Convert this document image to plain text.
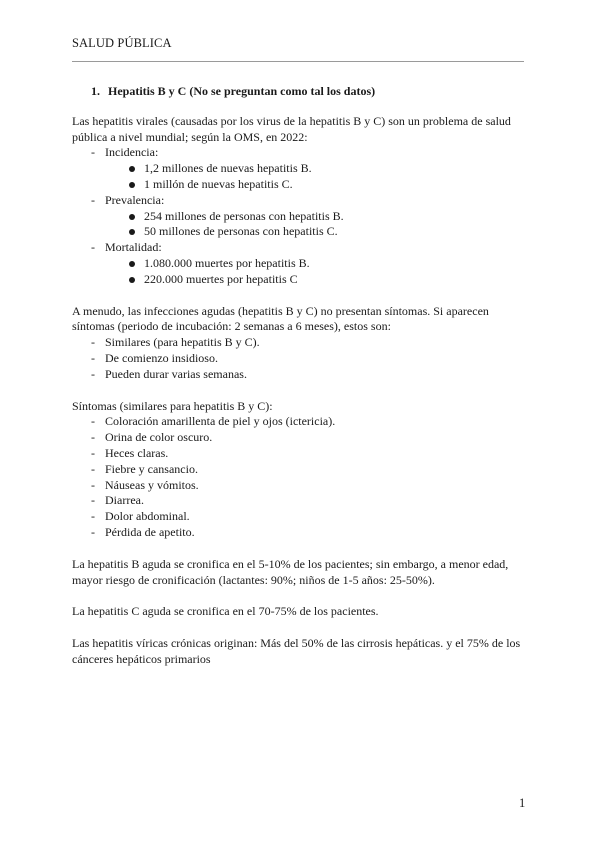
SALUD PÚBLICA
1. Hepatitis B y C (No se preguntan como tal los datos)

Las hepatitis virales (causadas por los virus de la hepatitis B y C) son un problema de salud pública a nivel mundial; según la OMS, en 2022:

- Incidencia:
1,2 millones de nuevas hepatitis B.
1 millón de nuevas hepatitis C.
- Prevalencia:
254 millones de personas con hepatitis B.
50 millones de personas con hepatitis C.
- Mortalidad:
1.080.000 muertes por hepatitis B.
220.000 muertes por hepatitis C

A menudo, las infecciones agudas (hepatitis B y C) no presentan síntomas. Si aparecen síntomas (periodo de incubación: 2 semanas a 6 meses), estos son:

- Similares (para hepatitis B y C).
- De comienzo insidioso.
- Pueden durar varias semanas.

Síntomas (similares para hepatitis B y C):

- Coloración amarillenta de piel y ojos (ictericia).
- Orina de color oscuro.
- Heces claras.
- Fiebre y cansancio.
- Náuseas y vómitos.
- Diarrea.
- Dolor abdominal.
- Pérdida de apetito.

La hepatitis B aguda se cronifica en el 5-10% de los pacientes; sin embargo, a menor edad, mayor riesgo de cronificación (lactantes: 90%; niños de 1-5 años: 25-50%).

La hepatitis C aguda se cronifica en el 70-75% de los pacientes.

Las hepatitis víricas crónicas originan: Más del 50% de las cirrosis hepáticas. y el 75% de los cánceres hepáticos primarios

1
